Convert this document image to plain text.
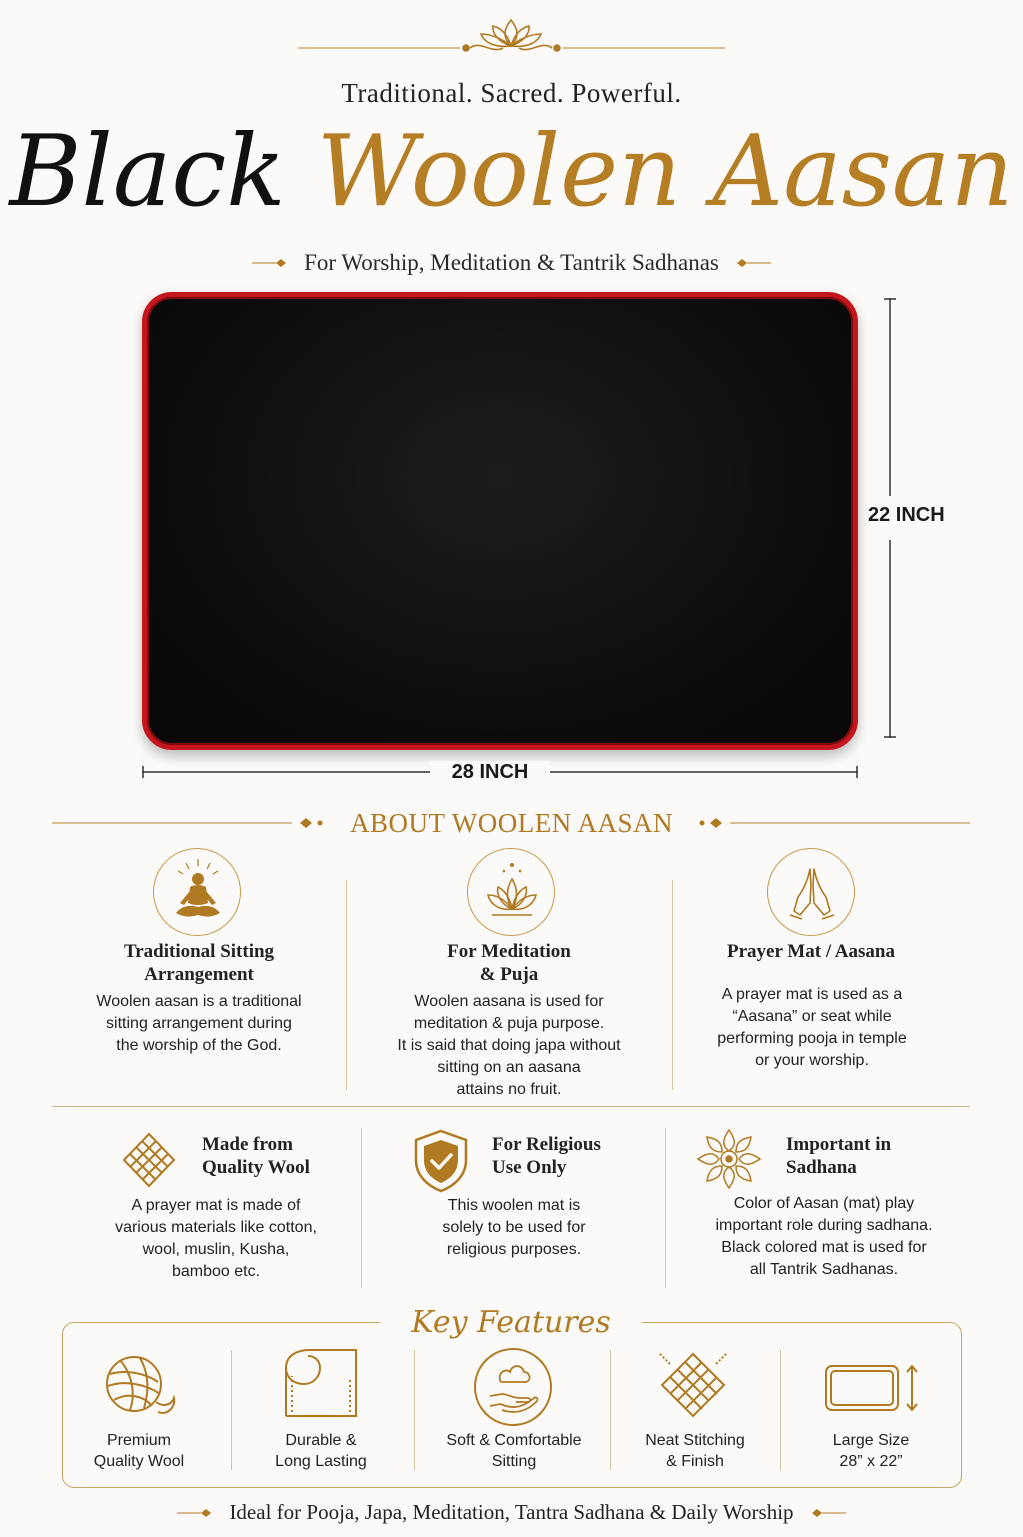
Traditional. Sacred. Powerful.
Black Woolen Aasan
For Worship, Meditation & Tantrik Sadhanas
22 INCH
28 INCH
ABOUT WOOLEN AASAN
Traditional Sitting
Arrangement
Woolen aasan is a traditional
sitting arrangement during
the worship of the God.
For Meditation
& Puja
Woolen aasana is used for
meditation & puja purpose.
It is said that doing japa without
sitting on an aasana
attains no fruit.
Prayer Mat / Aasana
A prayer mat is used as a
“Aasana” or seat while
performing pooja in temple
or your worship.
Made from
Quality Wool
A prayer mat is made of
various materials like cotton,
wool, muslin, Kusha,
bamboo etc.
For Religious
Use Only
This woolen mat is
solely to be used for
religious purposes.
Important in
Sadhana
Color of Aasan (mat) play
important role during sadhana.
Black colored mat is used for
all Tantrik Sadhanas.
Key Features
Premium
Quality Wool
Durable &
Long Lasting
Soft & Comfortable
Sitting
Neat Stitching
& Finish
Large Size
28” x 22”
Ideal for Pooja, Japa, Meditation, Tantra Sadhana & Daily Worship
